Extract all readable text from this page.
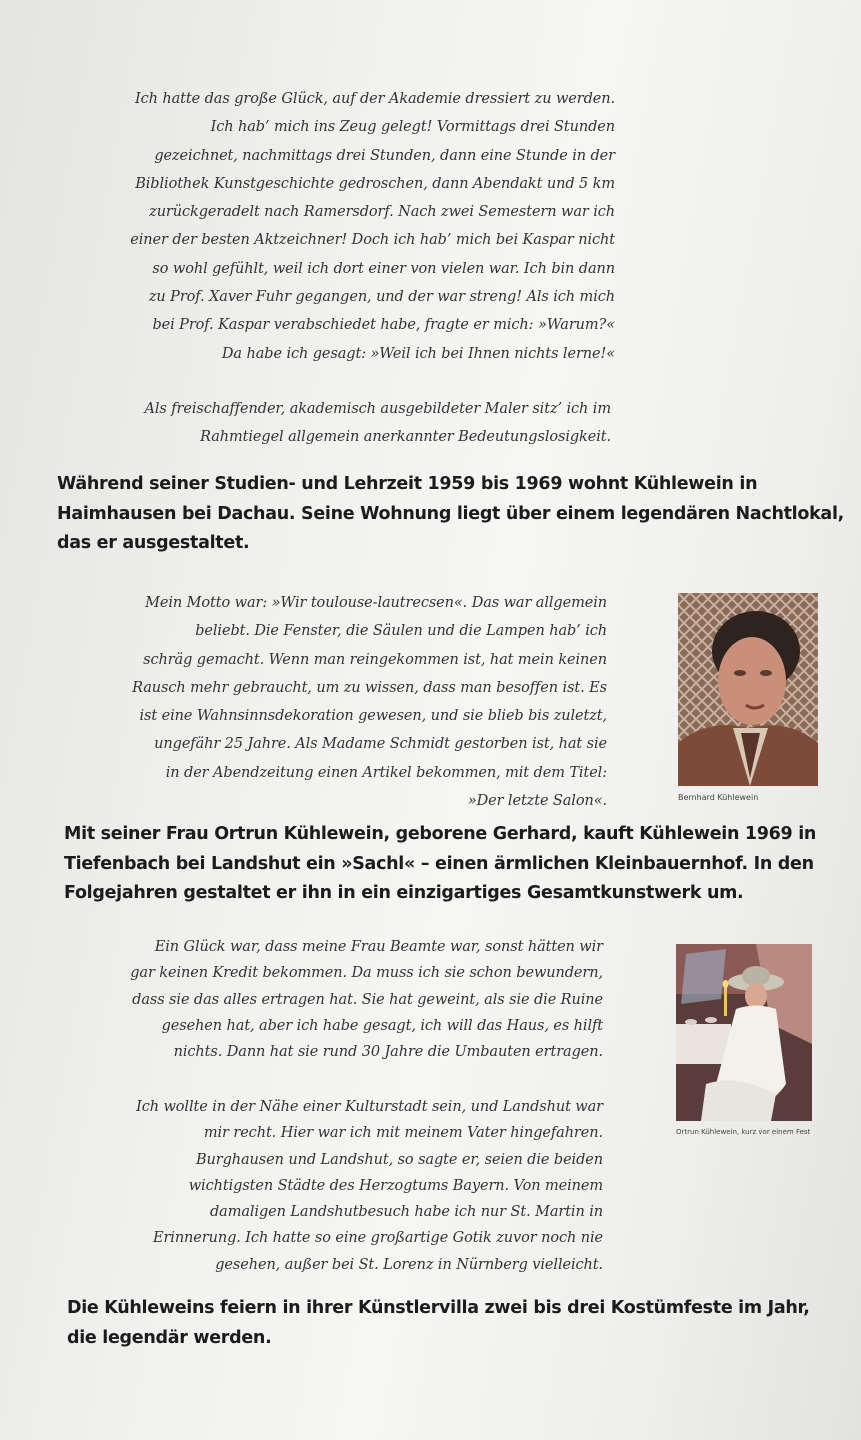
Ich hatte das große Glück, auf der Akademie dressiert zu werden.
Ich hab’ mich ins Zeug gelegt! Vormittags drei Stunden
gezeichnet, nachmittags drei Stunden, dann eine Stunde in der
Bibliothek Kunstgeschichte gedroschen, dann Abendakt und 5 km
zurückgeradelt nach Ramersdorf. Nach zwei Semestern war ich
einer der besten Aktzeichner! Doch ich hab’ mich bei Kaspar nicht
so wohl gefühlt, weil ich dort einer von vielen war. Ich bin dann
zu Prof. Xaver Fuhr gegangen, und der war streng! Als ich mich
bei Prof. Kaspar verabschiedet habe, fragte er mich: »Warum?«
Da habe ich gesagt: »Weil ich bei Ihnen nichts lerne!«
Als freischaffender, akademisch ausgebildeter Maler sitz’ ich im
Rahmtiegel allgemein anerkannter Bedeutungslosigkeit.
Während seiner Studien- und Lehrzeit 1959 bis 1969 wohnt Kühlewein in
Haimhausen bei Dachau. Seine Wohnung liegt über einem legendären Nachtlokal,
das er ausgestaltet.
Mein Motto war: »Wir toulouse-lautrecsen«. Das war allgemein
beliebt. Die Fenster, die Säulen und die Lampen hab’ ich
schräg gemacht. Wenn man reingekommen ist, hat mein keinen
Rausch mehr gebraucht, um zu wissen, dass man besoffen ist. Es
ist eine Wahnsinnsdekoration gewesen, und sie blieb bis zuletzt,
ungefähr 25 Jahre. Als Madame Schmidt gestorben ist, hat sie
in der Abendzeitung einen Artikel bekommen, mit dem Titel:
»Der letzte Salon«.	Bernhard Kühlewein
Mit seiner Frau Ortrun Kühlewein, geborene Gerhard, kauft Kühlewein 1969 in
Tiefenbach bei Landshut ein »Sachl« – einen ärmlichen Kleinbauernhof. In den
Folgejahren gestaltet er ihn in ein einzigartiges Gesamtkunstwerk um.
Ein Glück war, dass meine Frau Beamte war, sonst hätten wir
gar keinen Kredit bekommen. Da muss ich sie schon bewundern,
dass sie das alles ertragen hat. Sie hat geweint, als sie die Ruine
gesehen hat, aber ich habe gesagt, ich will das Haus, es hilft
nichts. Dann hat sie rund 30 Jahre die Umbauten ertragen.
Ortrun Kühlewein, kurz vor einem Fest
Ich wollte in der Nähe einer Kulturstadt sein, und Landshut war
mir recht. Hier war ich mit meinem Vater hingefahren.
Burghausen und Landshut, so sagte er, seien die beiden
wichtigsten Städte des Herzogtums Bayern. Von meinem
damaligen Landshutbesuch habe ich nur St. Martin in
Erinnerung. Ich hatte so eine großartige Gotik zuvor noch nie
gesehen, außer bei St. Lorenz in Nürnberg vielleicht.
Die Kühleweins feiern in ihrer Künstlervilla zwei bis drei Kostümfeste im Jahr,
die legendär werden.
